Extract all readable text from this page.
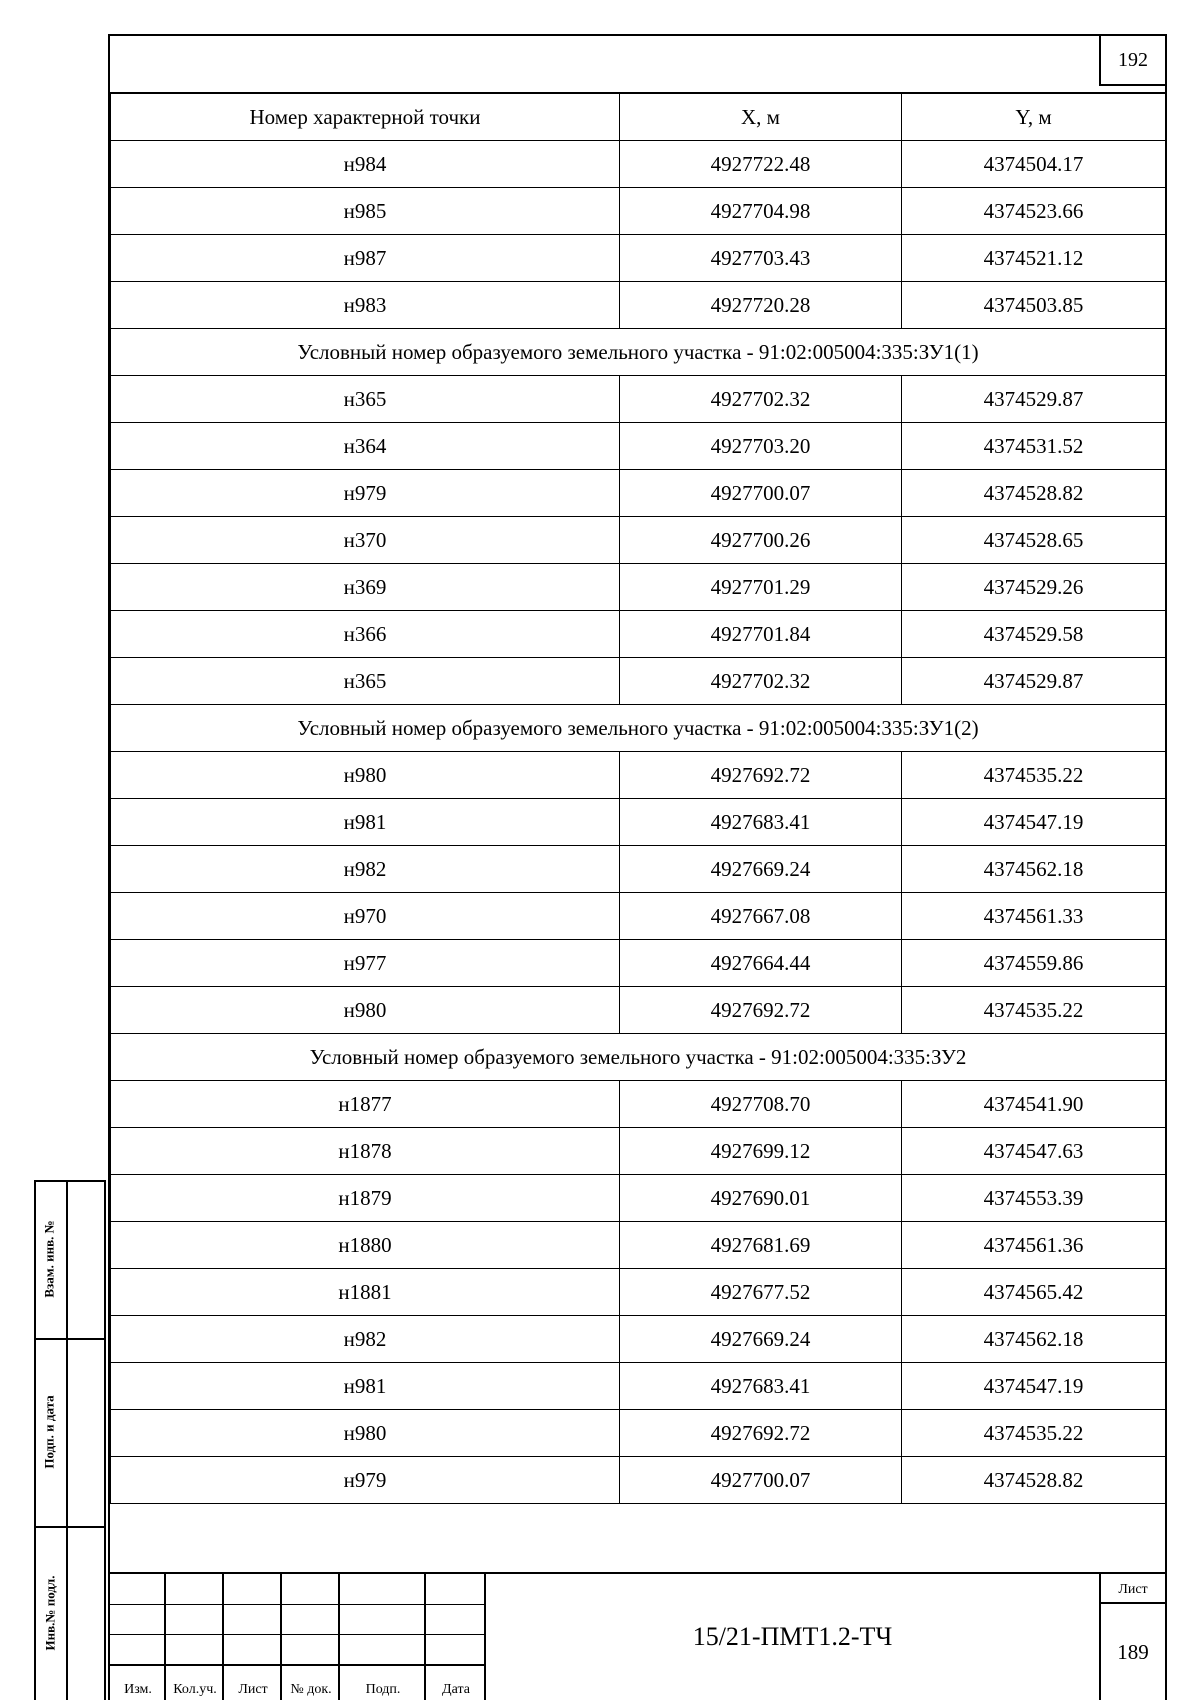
Взам. инв. №
Подп. и дата
Инв.№ подл.
192
Номер характерной точки	X, м	Y, м
н984	4927722.48	4374504.17
н985	4927704.98	4374523.66
н987	4927703.43	4374521.12
н983	4927720.28	4374503.85
Условный номер образуемого земельного участка - 91:02:005004:335:ЗУ1(1)		
н365	4927702.32	4374529.87
н364	4927703.20	4374531.52
н979	4927700.07	4374528.82
н370	4927700.26	4374528.65
н369	4927701.29	4374529.26
н366	4927701.84	4374529.58
н365	4927702.32	4374529.87
Условный номер образуемого земельного участка - 91:02:005004:335:ЗУ1(2)		
н980	4927692.72	4374535.22
н981	4927683.41	4374547.19
н982	4927669.24	4374562.18
н970	4927667.08	4374561.33
н977	4927664.44	4374559.86
н980	4927692.72	4374535.22
Условный номер образуемого земельного участка - 91:02:005004:335:ЗУ2		
н1877	4927708.70	4374541.90
н1878	4927699.12	4374547.63
н1879	4927690.01	4374553.39
н1880	4927681.69	4374561.36
н1881	4927677.52	4374565.42
н982	4927669.24	4374562.18
н981	4927683.41	4374547.19
н980	4927692.72	4374535.22
н979	4927700.07	4374528.82
Изм.	Кол.уч.	Лист	№ док.	Подп.	Дата
15/21-ПМТ1.2-ТЧ
Лист
189
